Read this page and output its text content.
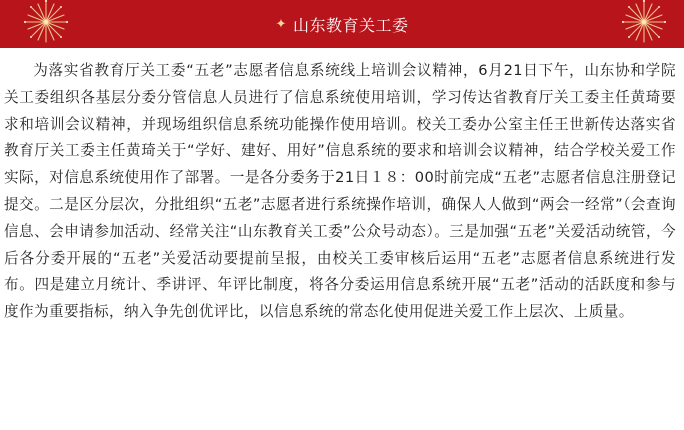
✦ 山东教育关工委

为落实省教育厅关工委“五老”志愿者信息系统线上培训会议精神，6月21日下午，山东协和学院关工委组织各基层分委分管信息人员进行了信息系统使用培训，学习传达省教育厅关工委主任黄琦要求和培训会议精神，并现场组织信息系统功能操作使用培训。校关工委办公室主任王世新传达落实省教育厅关工委主任黄琦关于“学好、建好、用好”信息系统的要求和培训会议精神，结合学校关爱工作实际，对信息系统使用作了部署。一是各分委务于21日１８：00时前完成“五老”志愿者信息注册登记提交。二是区分层次，分批组织“五老”志愿者进行系统操作培训，确保人人做到“两会一经常”（会查询信息、会申请参加活动、经常关注“山东教育关工委”公众号动态）。三是加强“五老”关爱活动统管，今后各分委开展的“五老”关爱活动要提前呈报，由校关工委审核后运用“五老”志愿者信息系统进行发布。四是建立月统计、季讲评、年评比制度，将各分委运用信息系统开展“五老”活动的活跃度和参与度作为重要指标，纳入争先创优评比，以信息系统的常态化使用促进关爱工作上层次、上质量。
